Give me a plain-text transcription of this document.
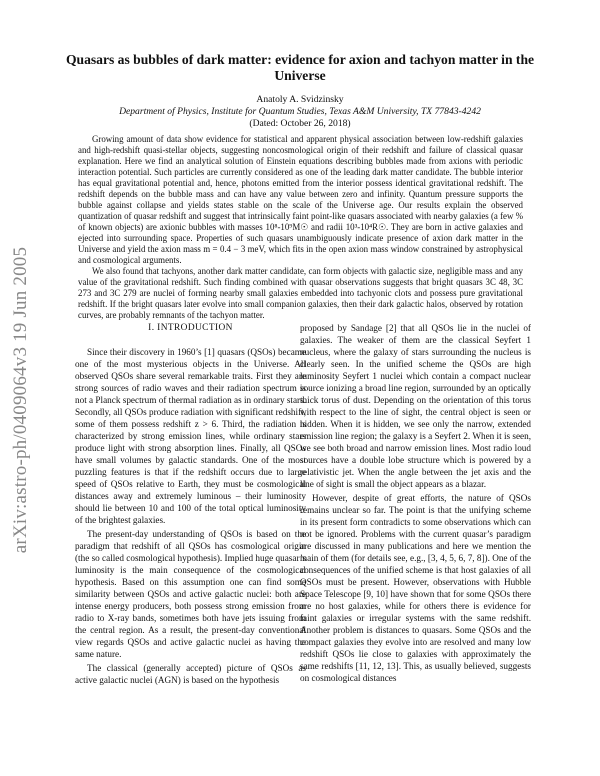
arXiv:astro-ph/0409064v3 19 Jun 2005
Quasars as bubbles of dark matter: evidence for axion and tachyon matter in the Universe
Anatoly A. Svidzinsky
Department of Physics, Institute for Quantum Studies, Texas A&M University, TX 77843-4242
(Dated: October 26, 2018)

Growing amount of data show evidence for statistical and apparent physical association between low-redshift galaxies and high-redshift quasi-stellar objects, suggesting noncosmological origin of their redshift and failure of classical quasar explanation. Here we find an analytical solution of Einstein equations describing bubbles made from axions with periodic interaction potential. Such particles are currently considered as one of the leading dark matter candidate. The bubble interior has equal gravitational potential and, hence, photons emitted from the interior possess identical gravitational redshift. The redshift depends on the bubble mass and can have any value between zero and infinity. Quantum pressure supports the bubble against collapse and yields states stable on the scale of the Universe age. Our results explain the observed quantization of quasar redshift and suggest that intrinsically faint point-like quasars associated with nearby galaxies (a few % of known objects) are axionic bubbles with masses 10⁸-10⁹M☉ and radii 10³-10⁴R☉. They are born in active galaxies and ejected into surrounding space. Properties of such quasars unambiguously indicate presence of axion dark matter in the Universe and yield the axion mass m = 0.4 − 3 meV, which fits in the open axion mass window constrained by astrophysical and cosmological arguments.

We also found that tachyons, another dark matter candidate, can form objects with galactic size, negligible mass and any value of the gravitational redshift. Such finding combined with quasar observations suggests that bright quasars 3C 48, 3C 273 and 3C 279 are nuclei of forming nearby small galaxies embedded into tachyonic clots and possess pure gravitational redshift. If the bright quasars later evolve into small companion galaxies, then their dark galactic halos, observed by rotation curves, are probably remnants of the tachyon matter.

I. INTRODUCTION

Since their discovery in 1960’s [1] quasars (QSOs) became one of the most mysterious objects in the Universe. All observed QSOs share several remarkable traits. First they are strong sources of radio waves and their radiation spectrum is not a Planck spectrum of thermal radiation as in ordinary stars. Secondly, all QSOs produce radiation with significant redshift, some of them possess redshift z > 6. Third, the radiation is characterized by strong emission lines, while ordinary stars produce light with strong absorption lines. Finally, all QSOs have small volumes by galactic standards. One of the most puzzling features is that if the redshift occurs due to large speed of QSOs relative to Earth, they must be cosmological distances away and extremely luminous – their luminosity should lie between 10 and 100 of the total optical luminosity of the brightest galaxies.

The present-day understanding of QSOs is based on the paradigm that redshift of all QSOs has cosmological origin (the so called cosmological hypothesis). Implied huge quasar’s luminosity is the main consequence of the cosmological hypothesis. Based on this assumption one can find some similarity between QSOs and active galactic nuclei: both are intense energy producers, both possess strong emission from radio to X-ray bands, sometimes both have jets issuing from the central region. As a result, the present-day conventional view regards QSOs and active galactic nuclei as having the same nature.

The classical (generally accepted) picture of QSOs as active galactic nuclei (AGN) is based on the hypothesis

proposed by Sandage [2] that all QSOs lie in the nuclei of galaxies. The weaker of them are the classical Seyfert 1 nucleus, where the galaxy of stars surrounding the nucleus is clearly seen. In the unified scheme the QSOs are high luminosity Seyfert 1 nuclei which contain a compact nuclear source ionizing a broad line region, surrounded by an optically thick torus of dust. Depending on the orientation of this torus with respect to the line of sight, the central object is seen or hidden. When it is hidden, we see only the narrow, extended emission line region; the galaxy is a Seyfert 2. When it is seen, we see both broad and narrow emission lines. Most radio loud sources have a double lobe structure which is powered by a relativistic jet. When the angle between the jet axis and the line of sight is small the object appears as a blazar.

However, despite of great efforts, the nature of QSOs remains unclear so far. The point is that the unifying scheme in its present form contradicts to some observations which can not be ignored. Problems with the current quasar’s paradigm are discussed in many publications and here we mention the main of them (for details see, e.g., [3, 4, 5, 6, 7, 8]). One of the consequences of the unified scheme is that host galaxies of all QSOs must be present. However, observations with Hubble Space Telescope [9, 10] have shown that for some QSOs there are no host galaxies, while for others there is evidence for faint galaxies or irregular systems with the same redshift. Another problem is distances to quasars. Some QSOs and the compact galaxies they evolve into are resolved and many low redshift QSOs lie close to galaxies with approximately the same redshifts [11, 12, 13]. This, as usually believed, suggests on cosmological distances
